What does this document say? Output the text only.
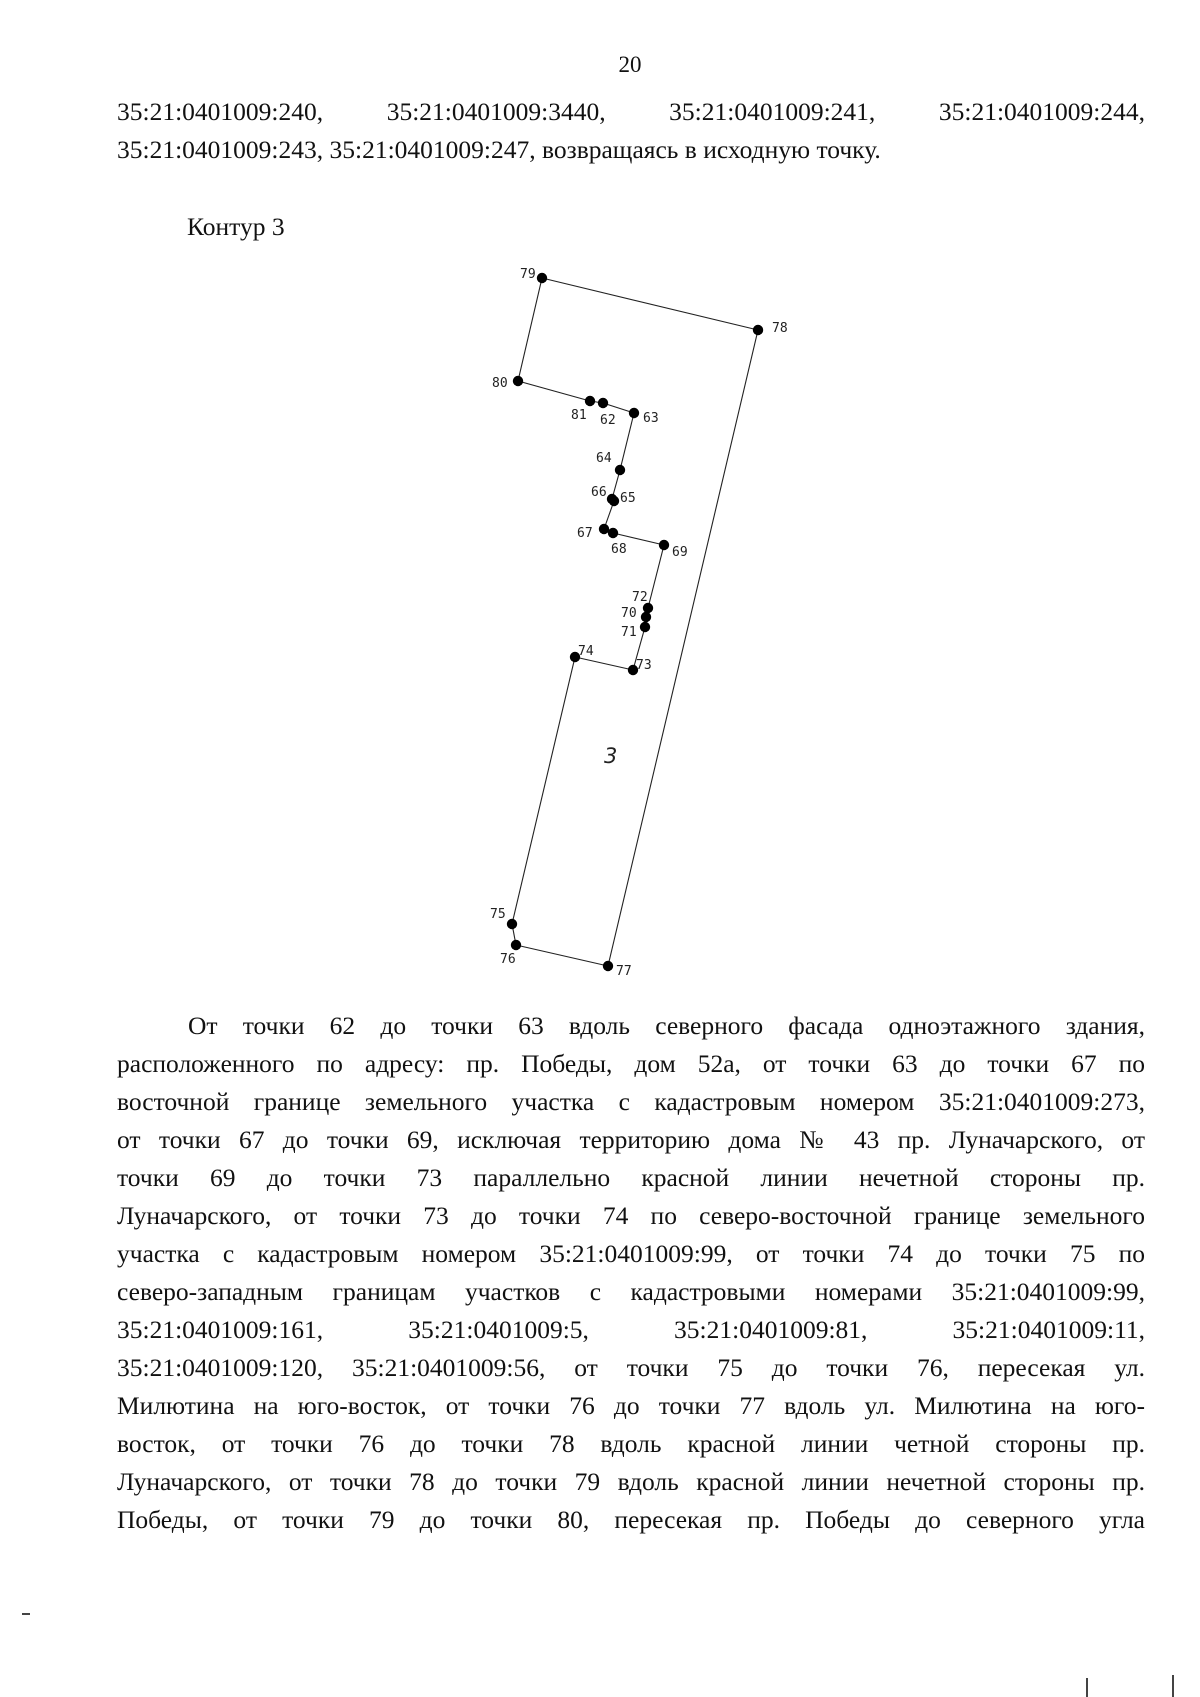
20

35:21:0401009:240, 35:21:0401009:3440, 35:21:0401009:241, 35:21:0401009:244,

35:21:0401009:243, 35:21:0401009:247, возвращаясь в исходную точку.

Контур 3
62 63
64
65
66
67
68	69
70
71
72
73
74
75
76
77
78
79
80
81
3

От точки 62 до точки 63 вдоль северного фасада одноэтажного здания,

расположенного по адресу: пр. Победы, дом 52а, от точки 63 до точки 67 по

восточной границе земельного участка с кадастровым номером 35:21:0401009:273,

от точки 67 до точки 69, исключая территорию дома № 43 пр. Луначарского, от

точки 69 до точки 73 параллельно красной линии нечетной стороны пр.

Луначарского, от точки 73 до точки 74 по северо-восточной границе земельного

участка с кадастровым номером 35:21:0401009:99, от точки 74 до точки 75 по

северо-западным границам участков с кадастровыми номерами 35:21:0401009:99,

35:21:0401009:161, 35:21:0401009:5, 35:21:0401009:81, 35:21:0401009:11,

35:21:0401009:120, 35:21:0401009:56, от точки 75 до точки 76, пересекая ул.

Милютина на юго-восток, от точки 76 до точки 77 вдоль ул. Милютина на юго-

восток, от точки 76 до точки 78 вдоль красной линии четной стороны пр.

Луначарского, от точки 78 до точки 79 вдоль красной линии нечетной стороны пр.

Победы, от точки 79 до точки 80, пересекая пр. Победы до северного угла
